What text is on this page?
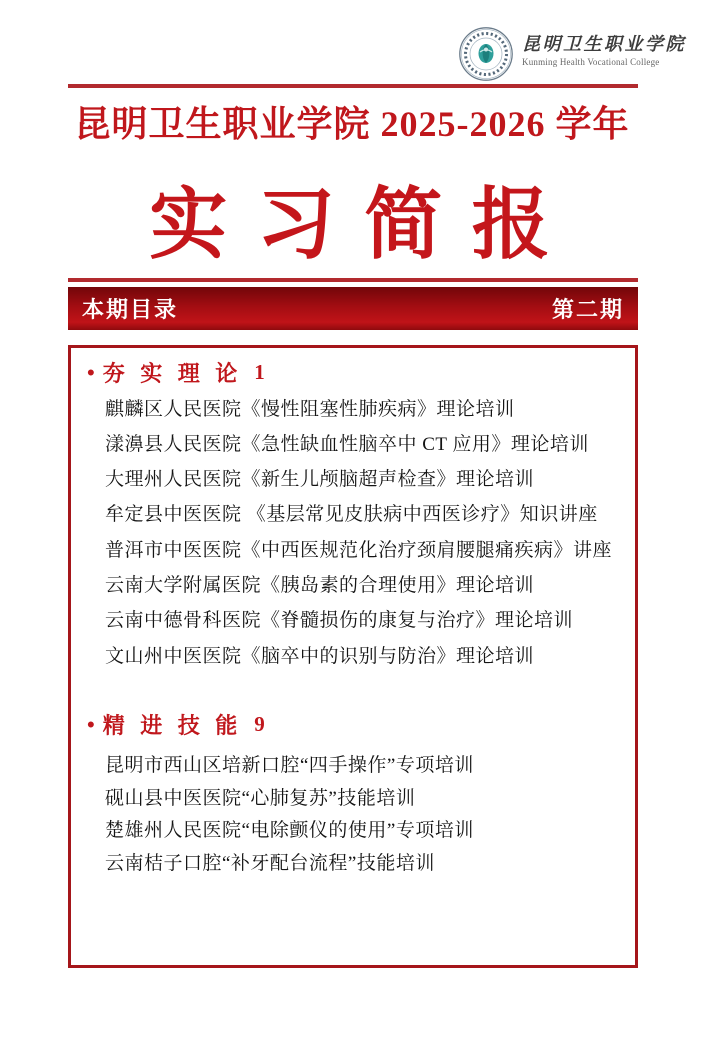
昆明卫生职业学院
Kunming Health Vocational College
昆明卫生职业学院 2025-2026 学年
实 习 简 报
本期目录	第二期
• 夯 实 理 论 1
麒麟区人民医院《慢性阻塞性肺疾病》理论培训
漾濞县人民医院《急性缺血性脑卒中 CT 应用》理论培训
大理州人民医院《新生儿颅脑超声检查》理论培训
牟定县中医医院 《基层常见皮肤病中西医诊疗》知识讲座
普洱市中医医院《中西医规范化治疗颈肩腰腿痛疾病》讲座
云南大学附属医院《胰岛素的合理使用》理论培训
云南中德骨科医院《脊髓损伤的康复与治疗》理论培训
文山州中医医院《脑卒中的识别与防治》理论培训
• 精 进 技 能 9
昆明市西山区培新口腔“四手操作”专项培训
砚山县中医医院“心肺复苏”技能培训
楚雄州人民医院“电除颤仪的使用”专项培训
云南桔子口腔“补牙配台流程”技能培训
